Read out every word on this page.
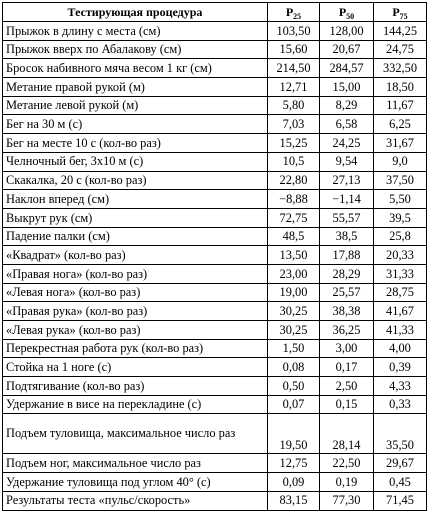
Тестирующая процедура	$P_{25}$	$P_{50}$	$P_{75}$
Прыжок в длину с места (см)	103,50	128,00	144,25
Прыжок вверх по Абалакову (см)	15,60	20,67	24,75
Бросок набивного мяча весом 1 кг (см)	214,50	284,57	332,50
Метание правой рукой (м)	12,71	15,00	18,50
Метание левой рукой (м)	5,80	8,29	11,67
Бег на 30 м (с)	7,03	6,58	6,25
Бег на месте 10 с (кол-во раз)	15,25	24,25	31,67
Челночный бег, 3x10 м (с)	10,5	9,54	9,0
Скакалка, 20 с (кол-во раз)	22,80	27,13	37,50
Наклон вперед (см)	−8,88	−1,14	5,50
Выкрут рук (см)	72,75	55,57	39,5
Падение палки (см)	48,5	38,5	25,8
«Квадрат» (кол-во раз)	13,50	17,88	20,33
«Правая нога» (кол-во раз)	23,00	28,29	31,33
«Левая нога» (кол-во раз)	19,00	25,57	28,75
«Правая рука» (кол-во раз)	30,25	38,38	41,67
«Левая рука» (кол-во раз)	30,25	36,25	41,33
Перекрестная работа рук (кол-во раз)	1,50	3,00	4,00
Стойка на 1 ноге (с)	0,08	0,17	0,39
Подтягивание (кол-во раз)	0,50	2,50	4,33
Удержание в висе на перекладине (с)	0,07	0,15	0,33
Подъем туловища, максимальное число раз	19,50	28,14	35,50
Подъем ног, максимальное число раз	12,75	22,50	29,67
Удержание туловища под углом 40° (с)	0,09	0,19	0,45
Результаты теста «пульс/скорость»	83,15	77,30	71,45
